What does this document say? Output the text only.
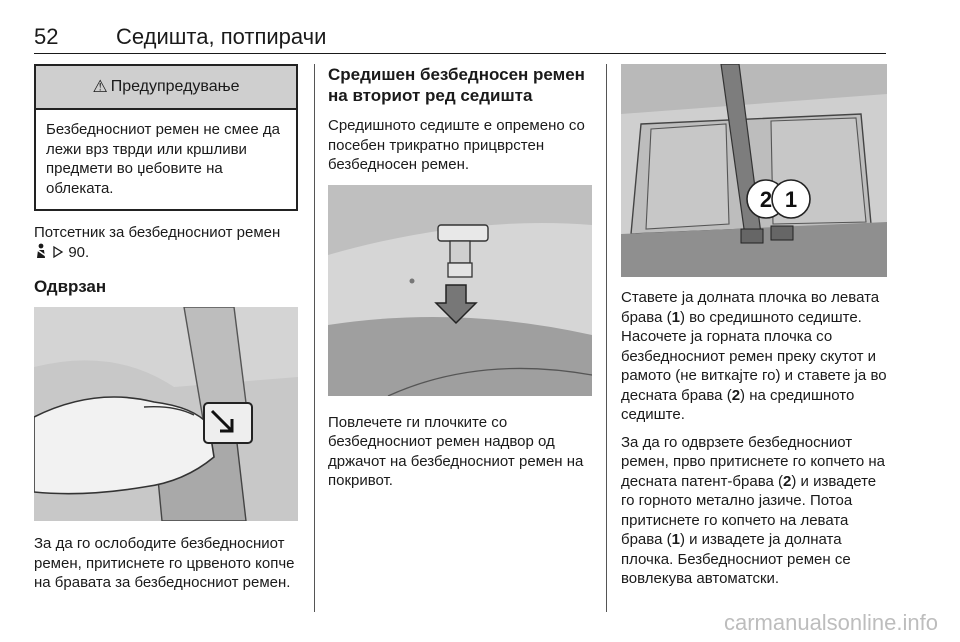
52	Седишта, потпирачи
⚠ Предупредување
Безбедносниот ремен не смее да лежи врз тврди или кршливи предмети во џебовите на облеката.
Потсетник за безбедносниот ремен
90.
Одврзан
За да го ослободите безбедносниот ремен, притиснете го црвеното копче на бравата за безбедносниот ремен.
Средишен безбедносен ремен на вториот ред седишта
Средишното седиште е опремено со посебен трикратно прицврстен безбедносен ремен.
Повлечете ги плочките со безбедносниот ремен надвор од држачот на безбедносниот ремен на покривот.
2 1
Ставете ја долната плочка во левата брава (1) во средишното седиште. Насочете ја горната плочка со безбедносниот ремен преку скутот и рамото (не виткајте го) и ставете ја во десната брава (2) на средишното седиште.
За да го одврзете безбедносниот ремен, прво притиснете го копчето на десната патент-брава (2) и извадете го горното метално јазиче. Потоа притиснете го копчето на левата брава (1) и извадете ја долната плочка. Безбедносниот ремен се вовлекува автоматски.
carmanualsonline.info
